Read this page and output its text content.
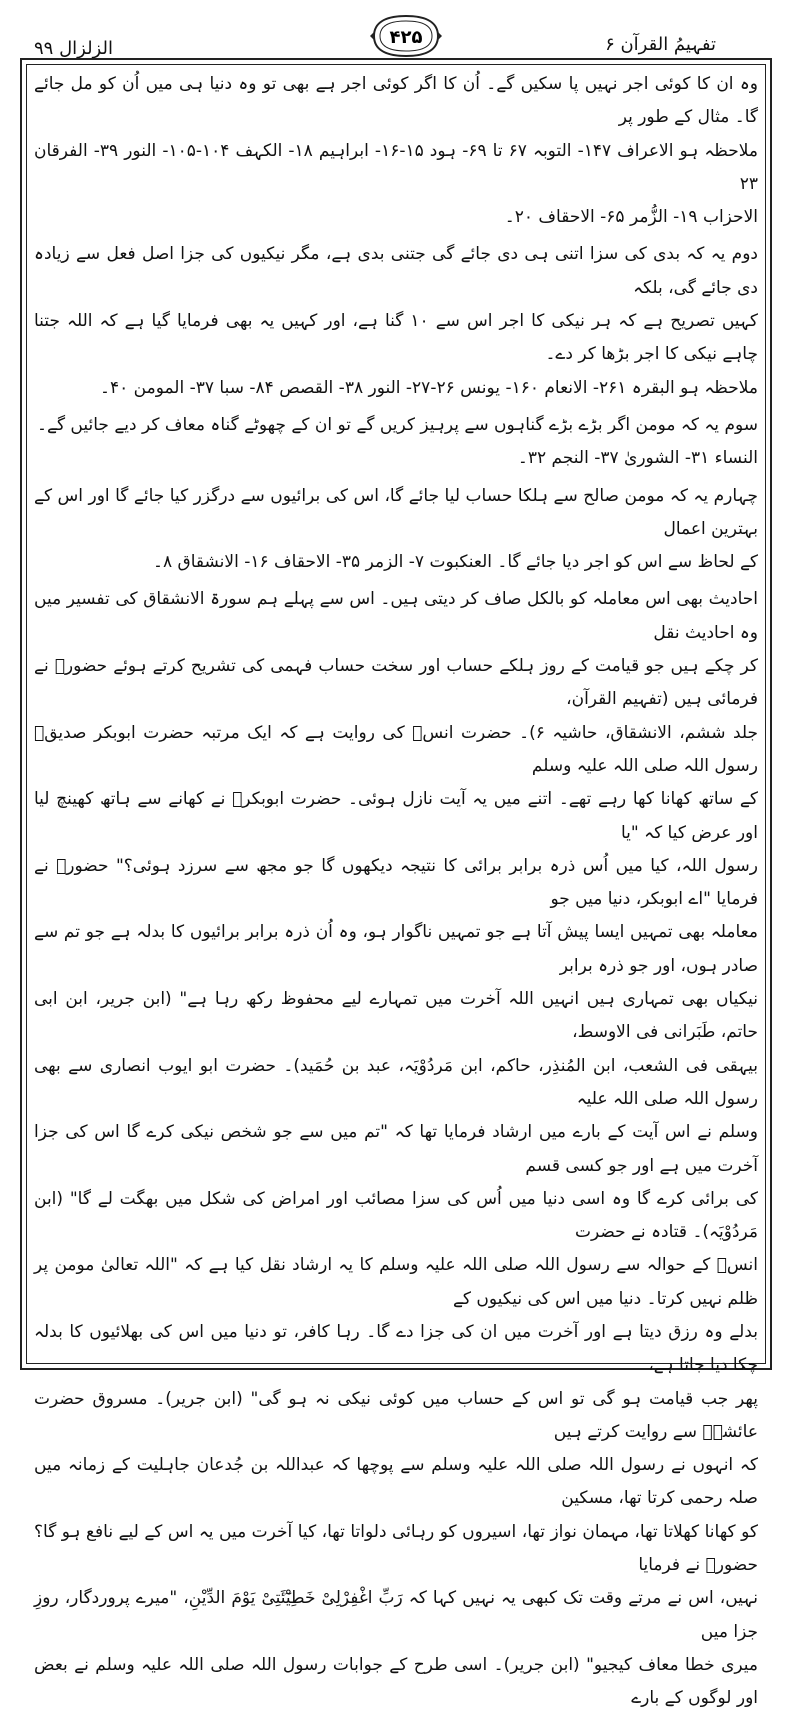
الزلزال ٩٩
۴۲۵	تفہیمُ القرآن ۶

وہ ان کا کوئی اجر نہیں پا سکیں گے۔ اُن کا اگر کوئی اجر ہے بھی تو وہ دنیا ہی میں اُن کو مل جائے گا۔ مثال کے طور پر
ملاحظہ ہو الاعراف ۱۴۷- التوبہ ۶۷ تا ۶۹- ہود ۱۵-۱۶- ابراہیم ۱۸- الکہف ۱۰۴-۱۰۵- النور ۳۹- الفرقان ۲۳
الاحزاب ۱۹- الزُّمر ۶۵- الاحقاف ۲۰۔

دوم یہ کہ بدی کی سزا اتنی ہی دی جائے گی جتنی بدی ہے، مگر نیکیوں کی جزا اصل فعل سے زیادہ دی جائے گی، بلکہ
کہیں تصریح ہے کہ ہر نیکی کا اجر اس سے ۱۰ گنا ہے، اور کہیں یہ بھی فرمایا گیا ہے کہ اللہ جتنا چاہے نیکی کا اجر بڑھا کر دے۔
ملاحظہ ہو البقرہ ۲۶۱- الانعام ۱۶۰- یونس ۲۶-۲۷- النور ۳۸- القصص ۸۴- سبا ۳۷- المومن ۴۰۔

سوم یہ کہ مومن اگر بڑے بڑے گناہوں سے پرہیز کریں گے تو ان کے چھوٹے گناہ معاف کر دیے جائیں گے۔
النساء ۳۱- الشوریٰ ۳۷- النجم ۳۲۔

چہارم یہ کہ مومن صالح سے ہلکا حساب لیا جائے گا، اس کی برائیوں سے درگزر کیا جائے گا اور اس کے بہترین اعمال
کے لحاظ سے اس کو اجر دیا جائے گا۔ العنکبوت ۷- الزمر ۳۵- الاحقاف ۱۶- الانشقاق ۸۔

احادیث بھی اس معاملہ کو بالکل صاف کر دیتی ہیں۔ اس سے پہلے ہم سورۃ الانشقاق کی تفسیر میں وہ احادیث نقل
کر چکے ہیں جو قیامت کے روز ہلکے حساب اور سخت حساب فہمی کی تشریح کرتے ہوئے حضورؐ نے فرمائی ہیں (تفہیم القرآن،
جلد ششم، الانشقاق، حاشیہ ۶)۔ حضرت انسؓ کی روایت ہے کہ ایک مرتبہ حضرت ابوبکر صدیقؓ رسول اللہ صلی اللہ علیہ وسلم
کے ساتھ کھانا کھا رہے تھے۔ اتنے میں یہ آیت نازل ہوئی۔ حضرت ابوبکرؓ نے کھانے سے ہاتھ کھینچ لیا اور عرض کیا کہ "یا
رسول اللہ، کیا میں اُس ذرہ برابر برائی کا نتیجہ دیکھوں گا جو مجھ سے سرزد ہوئی؟" حضورؐ نے فرمایا "اے ابوبکر، دنیا میں جو
معاملہ بھی تمہیں ایسا پیش آتا ہے جو تمہیں ناگوار ہو، وہ اُن ذرہ برابر برائیوں کا بدلہ ہے جو تم سے صادر ہوں، اور جو ذرہ برابر
نیکیاں بھی تمہاری ہیں انہیں اللہ آخرت میں تمہارے لیے محفوظ رکھ رہا ہے" (ابن جریر، ابن ابی حاتم، طَبَرانی فی الاوسط،
بیہقی فی الشعب، ابن المُنذِر، حاکم، ابن مَردُوْیَہ، عبد بن حُمَید)۔ حضرت ابو ایوب انصاری سے بھی رسول اللہ صلی اللہ علیہ
وسلم نے اس آیت کے بارے میں ارشاد فرمایا تھا کہ "تم میں سے جو شخص نیکی کرے گا اس کی جزا آخرت میں ہے اور جو کسی قسم
کی برائی کرے گا وہ اسی دنیا میں اُس کی سزا مصائب اور امراض کی شکل میں بھگت لے گا" (ابن مَردُوْیَہ)۔ قتادہ نے حضرت
انسؓ کے حوالہ سے رسول اللہ صلی اللہ علیہ وسلم کا یہ ارشاد نقل کیا ہے کہ "اللہ تعالیٰ مومن پر ظلم نہیں کرتا۔ دنیا میں اس کی نیکیوں کے
بدلے وہ رزق دیتا ہے اور آخرت میں ان کی جزا دے گا۔ رہا کافر، تو دنیا میں اس کی بھلائیوں کا بدلہ چکا دیا جاتا ہے،
پھر جب قیامت ہو گی تو اس کے حساب میں کوئی نیکی نہ ہو گی" (ابن جریر)۔ مسروق حضرت عائشہؓ سے روایت کرتے ہیں
کہ انہوں نے رسول اللہ صلی اللہ علیہ وسلم سے پوچھا کہ عبداللہ بن جُدعان جاہلیت کے زمانہ میں صلہ رحمی کرتا تھا، مسکین
کو کھانا کھلاتا تھا، مہمان نواز تھا، اسیروں کو رہائی دلواتا تھا، کیا آخرت میں یہ اس کے لیے نافع ہو گا؟ حضورؐ نے فرمایا
نہیں، اس نے مرتے وقت تک کبھی یہ نہیں کہا کہ رَبِّ اغْفِرْلِیْ خَطِیْٓئَتِیْ یَوْمَ الدِّیْنِ، "میرے پروردگار، روزِ جزا میں
میری خطا معاف کیجیو" (ابن جریر)۔ اسی طرح کے جوابات رسول اللہ صلی اللہ علیہ وسلم نے بعض اور لوگوں کے بارے
